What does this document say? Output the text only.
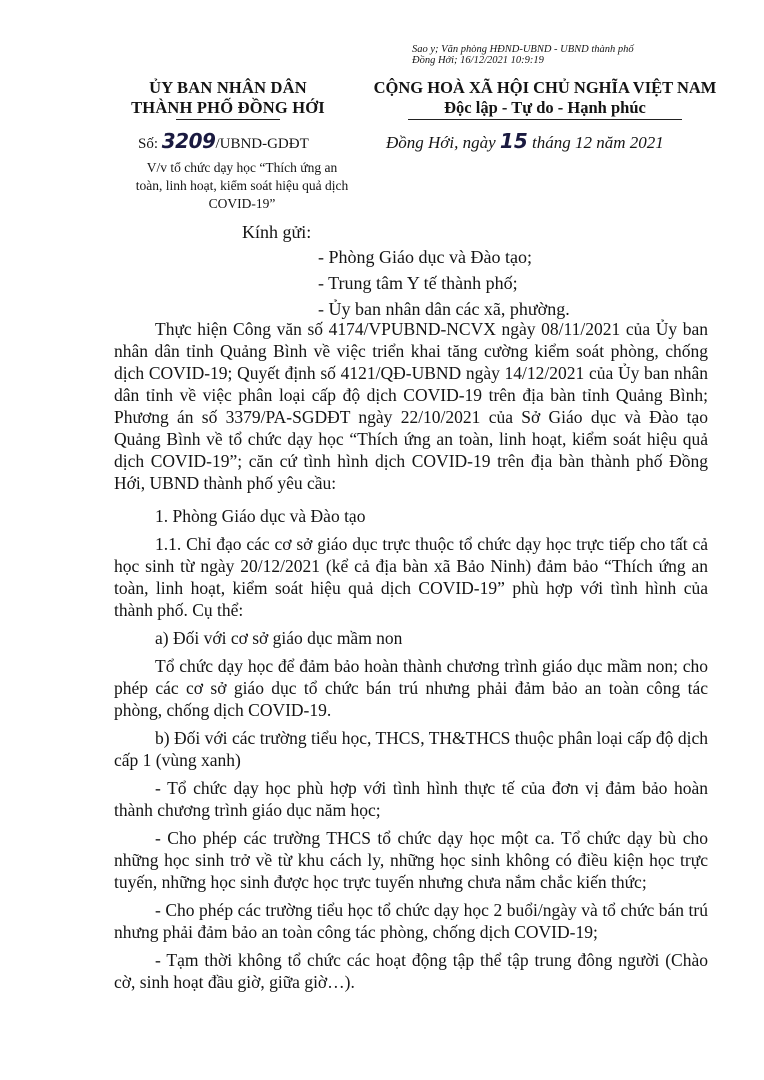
Sao y; Văn phòng HĐND-UBND - UBND thành phố
Đồng Hới; 16/12/2021 10:9:19
ỦY BAN NHÂN DÂN
THÀNH PHỐ ĐỒNG HỚI
CỘNG HOÀ XÃ HỘI CHỦ NGHĨA VIỆT NAM
Độc lập - Tự do - Hạnh phúc
Số: 3209/UBND-GDĐT	Đồng Hới, ngày 15 tháng 12 năm 2021
V/v tổ chức dạy học “Thích ứng an toàn, linh hoạt, kiểm soát hiệu quả dịch COVID-19”
Kính gửi:
- Phòng Giáo dục và Đào tạo;
- Trung tâm Y tế thành phố;
- Ủy ban nhân dân các xã, phường.

Thực hiện Công văn số 4174/VPUBND-NCVX ngày 08/11/2021 của Ủy ban nhân dân tỉnh Quảng Bình về việc triển khai tăng cường kiểm soát phòng, chống dịch COVID-19; Quyết định số 4121/QĐ-UBND ngày 14/12/2021 của Ủy ban nhân dân tỉnh về việc phân loại cấp độ dịch COVID-19 trên địa bàn tỉnh Quảng Bình; Phương án số 3379/PA-SGDĐT ngày 22/10/2021 của Sở Giáo dục và Đào tạo Quảng Bình về tổ chức dạy học “Thích ứng an toàn, linh hoạt, kiểm soát hiệu quả dịch COVID-19”; căn cứ tình hình dịch COVID-19 trên địa bàn thành phố Đồng Hới, UBND thành phố yêu cầu:

1. Phòng Giáo dục và Đào tạo

1.1. Chỉ đạo các cơ sở giáo dục trực thuộc tổ chức dạy học trực tiếp cho tất cả học sinh từ ngày 20/12/2021 (kể cả địa bàn xã Bảo Ninh) đảm bảo “Thích ứng an toàn, linh hoạt, kiểm soát hiệu quả dịch COVID-19” phù hợp với tình hình của thành phố. Cụ thể:

a) Đối với cơ sở giáo dục mầm non

Tổ chức dạy học để đảm bảo hoàn thành chương trình giáo dục mầm non; cho phép các cơ sở giáo dục tổ chức bán trú nhưng phải đảm bảo an toàn công tác phòng, chống dịch COVID-19.

b) Đối với các trường tiểu học, THCS, TH&THCS thuộc phân loại cấp độ dịch cấp 1 (vùng xanh)

- Tổ chức dạy học phù hợp với tình hình thực tế của đơn vị đảm bảo hoàn thành chương trình giáo dục năm học;

- Cho phép các trường THCS tổ chức dạy học một ca. Tổ chức dạy bù cho những học sinh trở về từ khu cách ly, những học sinh không có điều kiện học trực tuyến, những học sinh được học trực tuyến nhưng chưa nắm chắc kiến thức;

- Cho phép các trường tiểu học tổ chức dạy học 2 buổi/ngày và tổ chức bán trú nhưng phải đảm bảo an toàn công tác phòng, chống dịch COVID-19;

- Tạm thời không tổ chức các hoạt động tập thể tập trung đông người (Chào cờ, sinh hoạt đầu giờ, giữa giờ…).
